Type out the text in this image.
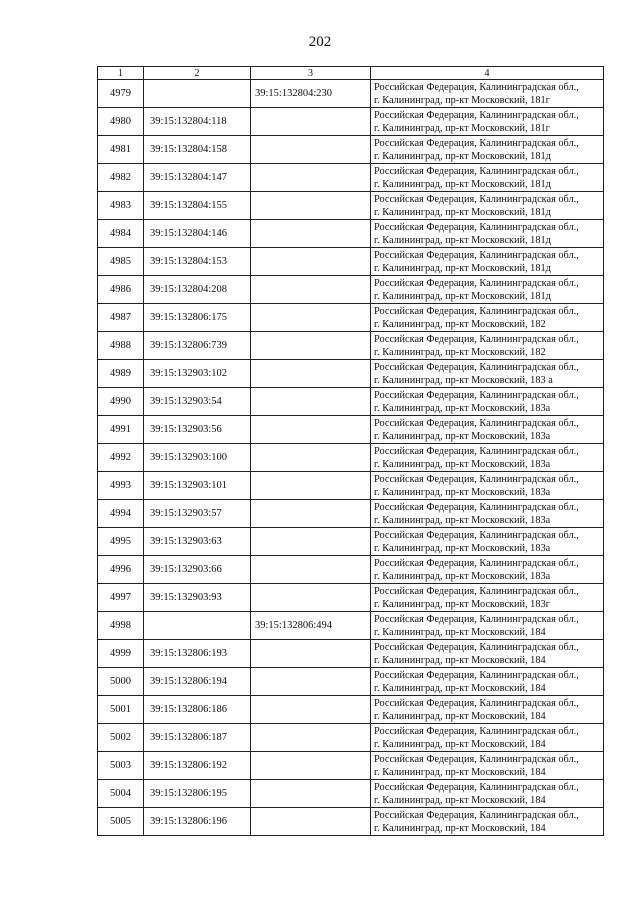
202
1	2	3	4
4979		39:15:132804:230	Российская Федерация, Калининградская обл.,
г. Калининград, пр-кт Московский, 181г

4980	39:15:132804:118		Российская Федерация, Калининградская обл.,
г. Калининград, пр-кт Московский, 181г

4981	39:15:132804:158		Российская Федерация, Калининградская обл.,
г. Калининград, пр-кт Московский, 181д

4982	39:15:132804:147		Российская Федерация, Калининградская обл.,
г. Калининград, пр-кт Московский, 181д

4983	39:15:132804:155		Российская Федерация, Калининградская обл.,
г. Калининград, пр-кт Московский, 181д

4984	39:15:132804:146		Российская Федерация, Калининградская обл.,
г. Калининград, пр-кт Московский, 181д

4985	39:15:132804:153		Российская Федерация, Калининградская обл.,
г. Калининград, пр-кт Московский, 181д

4986	39:15:132804:208		Российская Федерация, Калининградская обл.,
г. Калининград, пр-кт Московский, 181д

4987	39:15:132806:175		Российская Федерация, Калининградская обл.,
г. Калининград, пр-кт Московский, 182

4988	39:15:132806:739		Российская Федерация, Калининградская обл.,
г. Калининград, пр-кт Московский, 182

4989	39:15:132903:102		Российская Федерация, Калининградская обл.,
г. Калининград, пр-кт Московский, 183 а

4990	39:15:132903:54		Российская Федерация, Калининградская обл.,
г. Калининград, пр-кт Московский, 183а

4991	39:15:132903:56		Российская Федерация, Калининградская обл.,
г. Калининград, пр-кт Московский, 183а

4992	39:15:132903:100		Российская Федерация, Калининградская обл.,
г. Калининград, пр-кт Московский, 183а

4993	39:15:132903:101		Российская Федерация, Калининградская обл.,
г. Калининград, пр-кт Московский, 183а

4994	39:15:132903:57		Российская Федерация, Калининградская обл.,
г. Калининград, пр-кт Московский, 183а

4995	39:15:132903:63		Российская Федерация, Калининградская обл.,
г. Калининград, пр-кт Московский, 183а

4996	39:15:132903:66		Российская Федерация, Калининградская обл.,
г. Калининград, пр-кт Московский, 183а

4997	39:15:132903:93		Российская Федерация, Калининградская обл.,
г. Калининград, пр-кт Московский, 183г

4998		39:15:132806:494	Российская Федерация, Калининградская обл.,
г. Калининград, пр-кт Московский, 184

4999	39:15:132806:193		Российская Федерация, Калининградская обл.,
г. Калининград, пр-кт Московский, 184

5000	39:15:132806:194		Российская Федерация, Калининградская обл.,
г. Калининград, пр-кт Московский, 184

5001	39:15:132806:186		Российская Федерация, Калининградская обл.,
г. Калининград, пр-кт Московский, 184

5002	39:15:132806:187		Российская Федерация, Калининградская обл.,
г. Калининград, пр-кт Московский, 184

5003	39:15:132806:192		Российская Федерация, Калининградская обл.,
г. Калининград, пр-кт Московский, 184

5004	39:15:132806:195		Российская Федерация, Калининградская обл.,
г. Калининград, пр-кт Московский, 184

5005	39:15:132806:196		Российская Федерация, Калининградская обл.,
г. Калининград, пр-кт Московский, 184
